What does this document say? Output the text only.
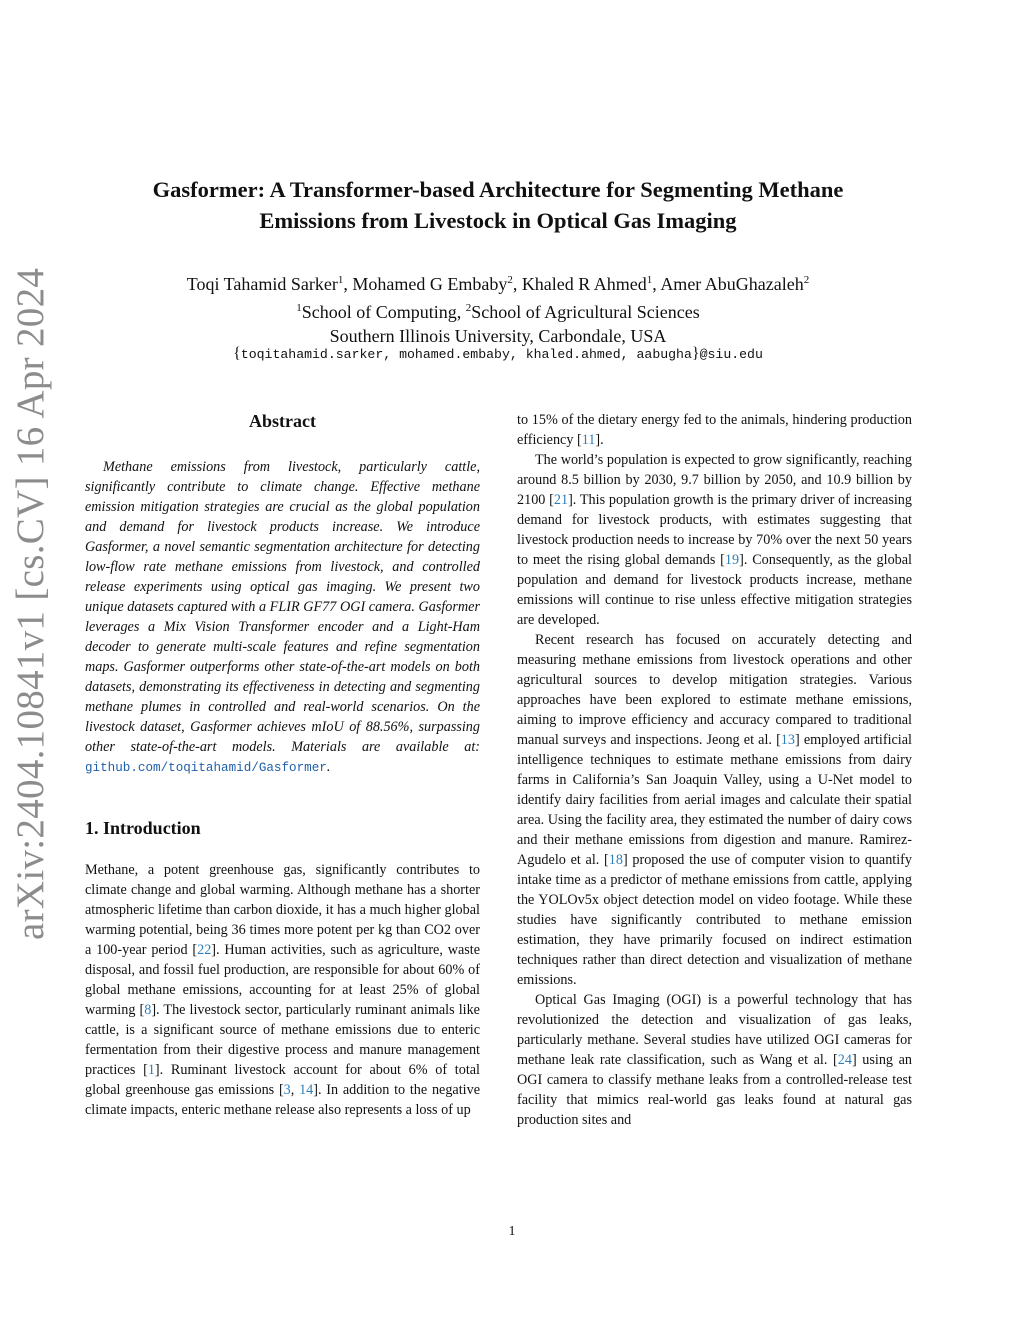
arXiv:2404.10841v1 [cs.CV] 16 Apr 2024
Gasformer: A Transformer-based Architecture for Segmenting Methane
Emissions from Livestock in Optical Gas Imaging
Toqi Tahamid Sarker$^1$, Mohamed G Embaby$^2$, Khaled R Ahmed$^1$, Amer AbuGhazaleh$^2$
$^1$School of Computing, $^2$School of Agricultural Sciences
Southern Illinois University, Carbondale, USA
{toqitahamid.sarker, mohamed.embaby, khaled.ahmed, aabugha}@siu.edu
Abstract

Methane emissions from livestock, particularly cattle, significantly contribute to climate change. Effective methane emission mitigation strategies are crucial as the global population and demand for livestock products increase. We introduce Gasformer, a novel semantic segmentation architecture for detecting low-flow rate methane emissions from livestock, and controlled release experiments using optical gas imaging. We present two unique datasets captured with a FLIR GF77 OGI camera. Gasformer leverages a Mix Vision Transformer encoder and a Light-Ham decoder to generate multi-scale features and refine segmentation maps. Gasformer outperforms other state-of-the-art models on both datasets, demonstrating its effectiveness in detecting and segmenting methane plumes in controlled and real-world scenarios. On the livestock dataset, Gasformer achieves mIoU of 88.56%, surpassing other state-of-the-art models. Materials are available at: github.com/toqitahamid/Gasformer.

1. Introduction

Methane, a potent greenhouse gas, significantly contributes to climate change and global warming. Although methane has a shorter atmospheric lifetime than carbon dioxide, it has a much higher global warming potential, being 36 times more potent per kg than CO2 over a 100-year period [22]. Human activities, such as agriculture, waste disposal, and fossil fuel production, are responsible for about 60% of global methane emissions, accounting for at least 25% of global warming [8]. The livestock sector, particularly ruminant animals like cattle, is a significant source of methane emissions due to enteric fermentation from their digestive process and manure management practices [1]. Ruminant livestock account for about 6% of total global greenhouse gas emissions [3, 14]. In addition to the negative climate impacts, enteric methane release also represents a loss of up

to 15% of the dietary energy fed to the animals, hindering production efficiency [11].

The world’s population is expected to grow significantly, reaching around 8.5 billion by 2030, 9.7 billion by 2050, and 10.9 billion by 2100 [21]. This population growth is the primary driver of increasing demand for livestock products, with estimates suggesting that livestock production needs to increase by 70% over the next 50 years to meet the rising global demands [19]. Consequently, as the global population and demand for livestock products increase, methane emissions will continue to rise unless effective mitigation strategies are developed.

Recent research has focused on accurately detecting and measuring methane emissions from livestock operations and other agricultural sources to develop mitigation strategies. Various approaches have been explored to estimate methane emissions, aiming to improve efficiency and accuracy compared to traditional manual surveys and inspections. Jeong et al. [13] employed artificial intelligence techniques to estimate methane emissions from dairy farms in California’s San Joaquin Valley, using a U-Net model to identify dairy facilities from aerial images and calculate their spatial area. Using the facility area, they estimated the number of dairy cows and their methane emissions from digestion and manure. Ramirez-Agudelo et al. [18] proposed the use of computer vision to quantify intake time as a predictor of methane emissions from cattle, applying the YOLOv5x object detection model on video footage. While these studies have significantly contributed to methane emission estimation, they have primarily focused on indirect estimation techniques rather than direct detection and visualization of methane emissions.

Optical Gas Imaging (OGI) is a powerful technology that has revolutionized the detection and visualization of gas leaks, particularly methane. Several studies have utilized OGI cameras for methane leak rate classification, such as Wang et al. [24] using an OGI camera to classify methane leaks from a controlled-release test facility that mimics real-world gas leaks found at natural gas production sites and

1
